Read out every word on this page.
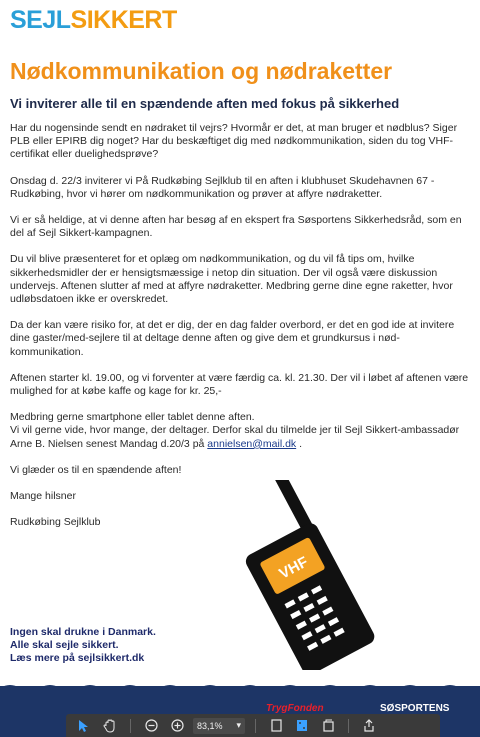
SEJLSIKKERT
Nødkommunikation og nødraketter
Vi inviterer alle til en spændende aften med fokus på sikkerhed

Har du nogensinde sendt en nødraket til vejrs? Hvormår er det, at man bruger et nødblus? Siger PLB eller EPIRB dig noget? Har du beskæftiget dig med nødkommunikation, siden du tog VHF-certifikat eller duelighedsprøve?

Onsdag d. 22/3 inviterer vi På Rudkøbing Sejlklub til en aften i klubhuset Skudehavnen 67 - Rudkøbing, hvor vi hører om nødkommunikation og prøver at affyre nødraketter.

Vi er så heldige, at vi denne aften har besøg af en ekspert fra Søsportens Sikkerhedsråd, som en del af Sejl Sikkert-kampagnen.

Du vil blive præsenteret for et oplæg om nødkommunikation, og du vil få tips om, hvilke sikkerhedsmidler der er hensigtsmæssige i netop din situation. Der vil også være diskussion undervejs. Aftenen slutter af med at affyre nødraketter. Medbring gerne dine egne raketter, hvor udløbsdatoen ikke er overskredet.

Da der kan være risiko for, at det er dig, der en dag falder overbord, er det en god ide at invitere dine gaster/med-sejlere til at deltage denne aften og give dem et grundkursus i nød-kommunikation.

Aftenen starter kl. 19.00, og vi forventer at være færdig ca. kl. 21.30. Der vil i løbet af aftenen være mulighed for at købe kaffe og kage for kr. 25,-

Medbring gerne smartphone eller tablet denne aften.
Vi vil gerne vide, hvor mange, der deltager. Derfor skal du tilmelde jer til Sejl Sikkert-ambassadør Arne B. Nielsen senest Mandag d.20/3 på annielsen@mail.dk .

Vi glæder os til en spændende aften!

Mange hilsner

Rudkøbing Sejlklub

VHF
Ingen skal drukne i Danmark.
Alle skal sejle sikkert.
Læs mere på sejlsikkert.dk
TrygFonden	SØSPORTENS
83,1% ▾
